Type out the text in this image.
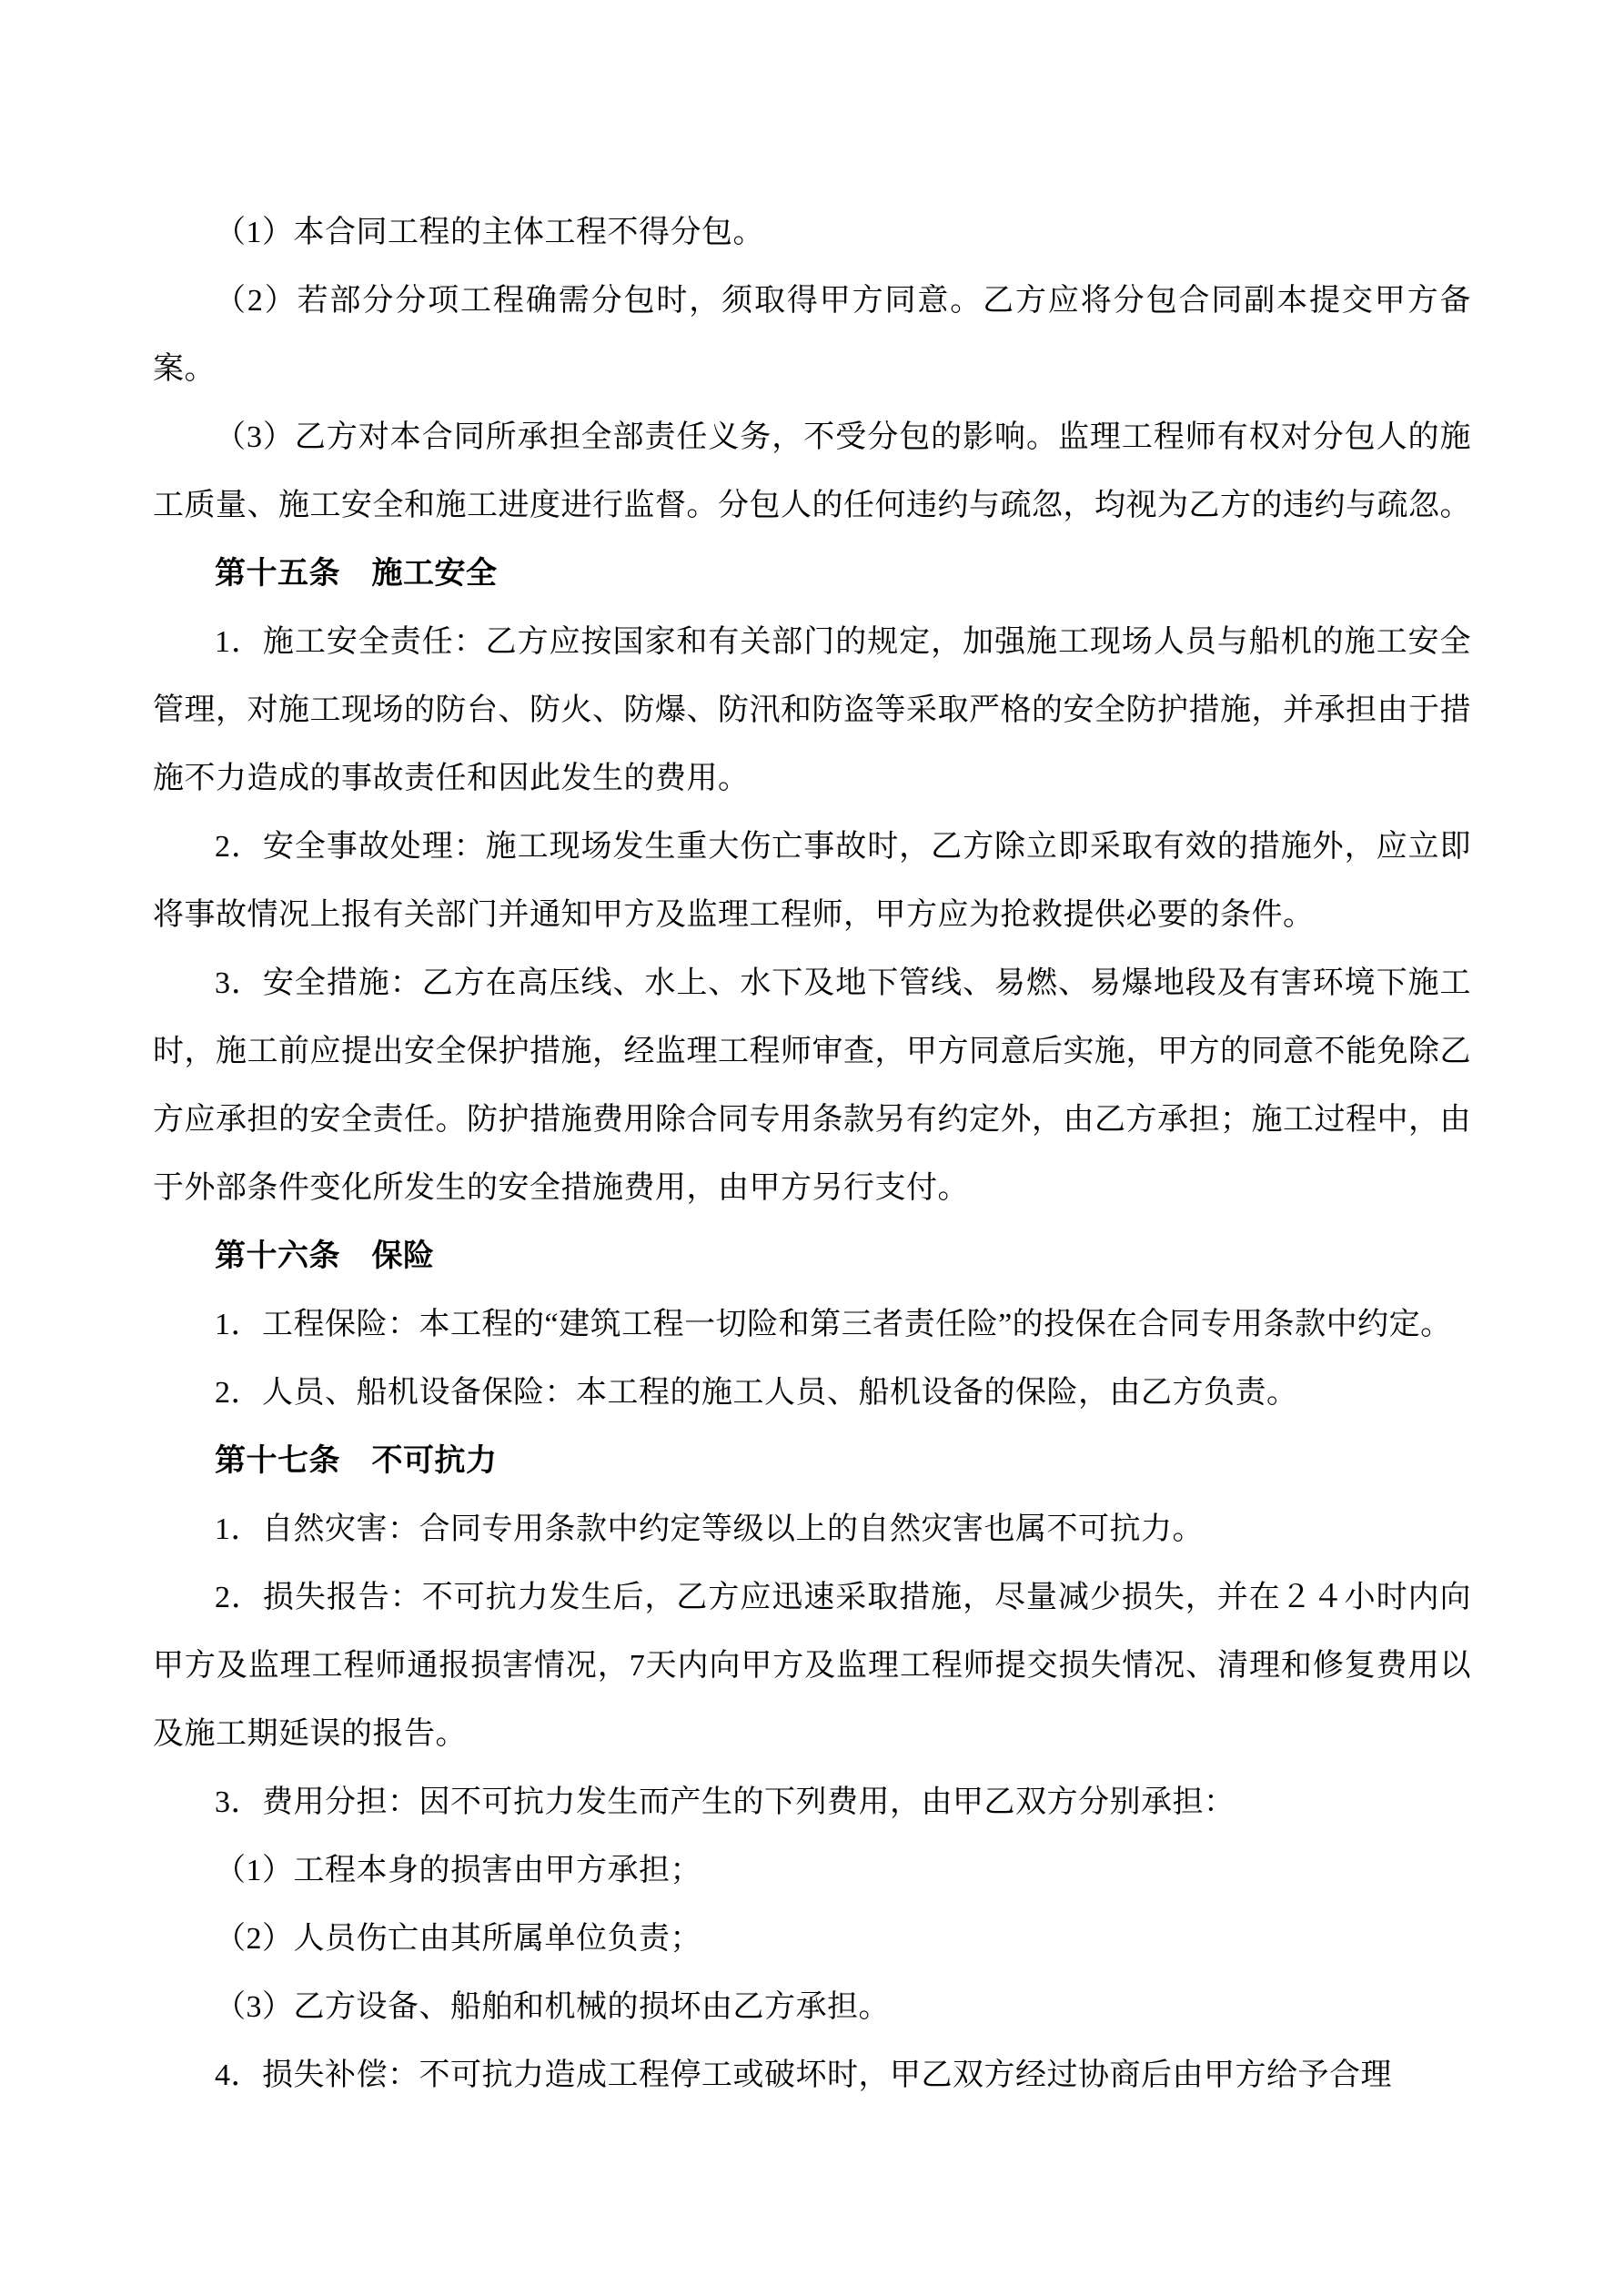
（1）本合同工程的主体工程不得分包。

（2）若部分分项工程确需分包时，须取得甲方同意。乙方应将分包合同副本提交甲方备案。

（3）乙方对本合同所承担全部责任义务，不受分包的影响。监理工程师有权对分包人的施工质量、施工安全和施工进度进行监督。分包人的任何违约与疏忽，均视为乙方的违约与疏忽。

第十五条　施工安全

1．施工安全责任：乙方应按国家和有关部门的规定，加强施工现场人员与船机的施工安全管理，对施工现场的防台、防火、防爆、防汛和防盗等采取严格的安全防护措施，并承担由于措施不力造成的事故责任和因此发生的费用。

2．安全事故处理：施工现场发生重大伤亡事故时，乙方除立即采取有效的措施外，应立即将事故情况上报有关部门并通知甲方及监理工程师，甲方应为抢救提供必要的条件。

3．安全措施：乙方在高压线、水上、水下及地下管线、易燃、易爆地段及有害环境下施工时，施工前应提出安全保护措施，经监理工程师审查，甲方同意后实施，甲方的同意不能免除乙方应承担的安全责任。防护措施费用除合同专用条款另有约定外，由乙方承担；施工过程中，由于外部条件变化所发生的安全措施费用，由甲方另行支付。

第十六条　保险

1．工程保险：本工程的“建筑工程一切险和第三者责任险”的投保在合同专用条款中约定。

2．人员、船机设备保险：本工程的施工人员、船机设备的保险，由乙方负责。

第十七条　不可抗力

1．自然灾害：合同专用条款中约定等级以上的自然灾害也属不可抗力。

2．损失报告：不可抗力发生后，乙方应迅速采取措施，尽量减少损失，并在２４小时内向甲方及监理工程师通报损害情况，7天内向甲方及监理工程师提交损失情况、清理和修复费用以及施工期延误的报告。

3．费用分担：因不可抗力发生而产生的下列费用，由甲乙双方分别承担：

（1）工程本身的损害由甲方承担；

（2）人员伤亡由其所属单位负责；

（3）乙方设备、船舶和机械的损坏由乙方承担。

4．损失补偿：不可抗力造成工程停工或破坏时，甲乙双方经过协商后由甲方给予合理
